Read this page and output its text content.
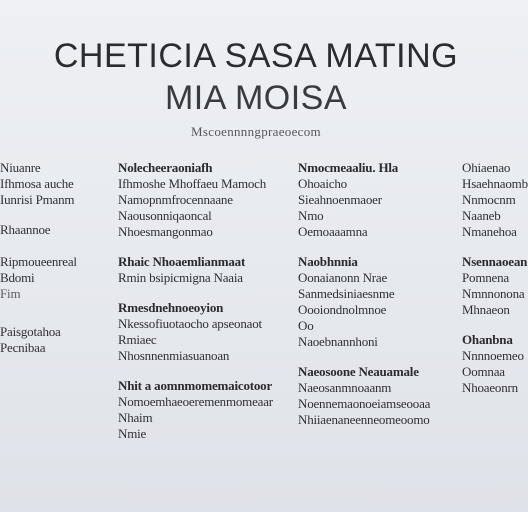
CHETICIA SASA MATING
MIA MOISA
Mscoennnngpraeoecom
Niuanre
Ifhmosa auche
Iunrisi Pmanm
Rhaannoe
Ripmoueenreal
Bdomi
Fim
Paisgotahoa
Pecnibaa
Nolecheeraoniafh
Ifhmoshe Mhoffaeu Mamoch
Namopnmfrocennaane
Naousonniqaoncal
Nhoesmangonmao
Rhaic Nhoaemlianmaat
Rmin bsipicmigna Naaia
Rmesdnehnoeoyion
Nkessofiuotaocho apseonaot
Rmiaec
Nhosnnenmiasuanoan
Nhit a aomnmomemaicotoor
Nomoemhaeoeremenmomeaar
Nhaim
Nmie
Nmocmeaaliu. Hla
Ohoaicho
Sieahnoenmaoer
Nmo
Oemoaaamna
Naobhnnia
Oonaianonn Nrae
Sanmedsiniaesnme
Oooiondnolmnoe
Oo
Naoebnannhoni
Naeosoone Neauamale
Naeosanmnoaanm
Noennemaonoeiamseooaa
Nhiiaenaneenneomeoomo
Ohiaenao
Hsaehnaomb
Nnmocnm
Naaneb
Nmanehoa
Nsennaoean
Pomnena
Nmnnonona
Mhnaeon
Ohanbna
Nnnnoemeo
Oomnaa
Nhoaeonrn
